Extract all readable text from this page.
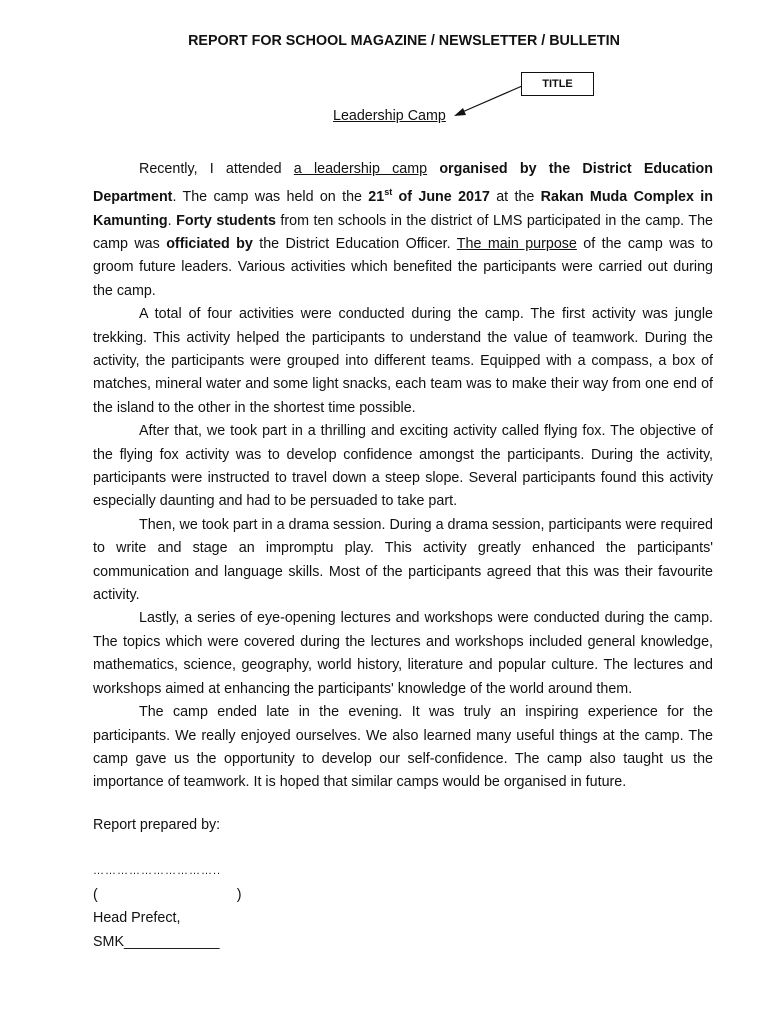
REPORT FOR SCHOOL MAGAZINE / NEWSLETTER / BULLETIN
TITLE
Leadership Camp

Recently, I attended a leadership camp organised by the District Education Department. The camp was held on the 21st of June 2017 at the Rakan Muda Complex in Kamunting. Forty students from ten schools in the district of LMS participated in the camp. The camp was officiated by the District Education Officer. The main purpose of the camp was to groom future leaders. Various activities which benefited the participants were carried out during the camp.

A total of four activities were conducted during the camp. The first activity was jungle trekking. This activity helped the participants to understand the value of teamwork. During the activity, the participants were grouped into different teams. Equipped with a compass, a box of matches, mineral water and some light snacks, each team was to make their way from one end of the island to the other in the shortest time possible.

After that, we took part in a thrilling and exciting activity called flying fox. The objective of the flying fox activity was to develop confidence amongst the participants. During the activity, participants were instructed to travel down a steep slope. Several participants found this activity especially daunting and had to be persuaded to take part.

Then, we took part in a drama session. During a drama session, participants were required to write and stage an impromptu play. This activity greatly enhanced the participants' communication and language skills. Most of the participants agreed that this was their favourite activity.

Lastly, a series of eye-opening lectures and workshops were conducted during the camp. The topics which were covered during the lectures and workshops included general knowledge, mathematics, science, geography, world history, literature and popular culture. The lectures and workshops aimed at enhancing the participants' knowledge of the world around them.

The camp ended late in the evening. It was truly an inspiring experience for the participants. We really enjoyed ourselves. We also learned many useful things at the camp. The camp gave us the opportunity to develop our self-confidence. The camp also taught us the importance of teamwork. It is hoped that similar camps would be organised in future.

Report prepared by:
…………………………..
(                                   )
Head Prefect,
SMK____________
